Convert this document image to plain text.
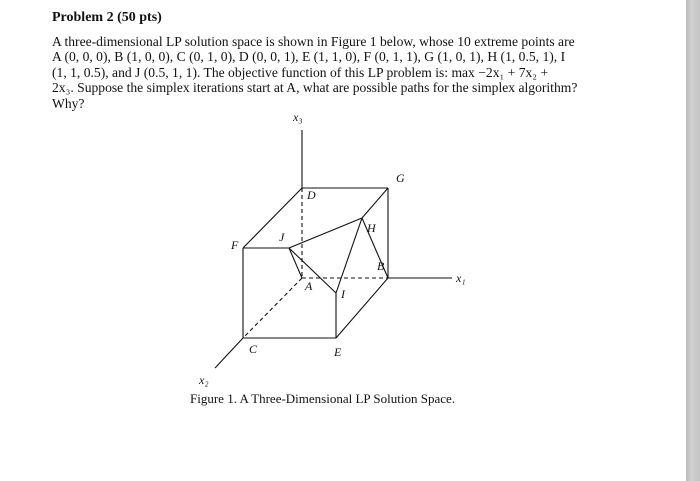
Problem 2 (50 pts)
A three-dimensional LP solution space is shown in Figure 1 below, whose 10 extreme points are
A (0, 0, 0), B (1, 0, 0), C (0, 1, 0), D (0, 0, 1), E (1, 1, 0), F (0, 1, 1), G (1, 0, 1), H (1, 0.5, 1), I
(1, 1, 0.5), and J (0.5, 1, 1). The objective function of this LP problem is: max −2x₁ + 7x₂ +
2x₃. Suppose the simplex iterations start at A, what are possible paths for the simplex algorithm?
Why?
x₃
x₁
x₂
D
G
H
J
F
B
A
I
C	E
Figure 1. A Three-Dimensional LP Solution Space.
